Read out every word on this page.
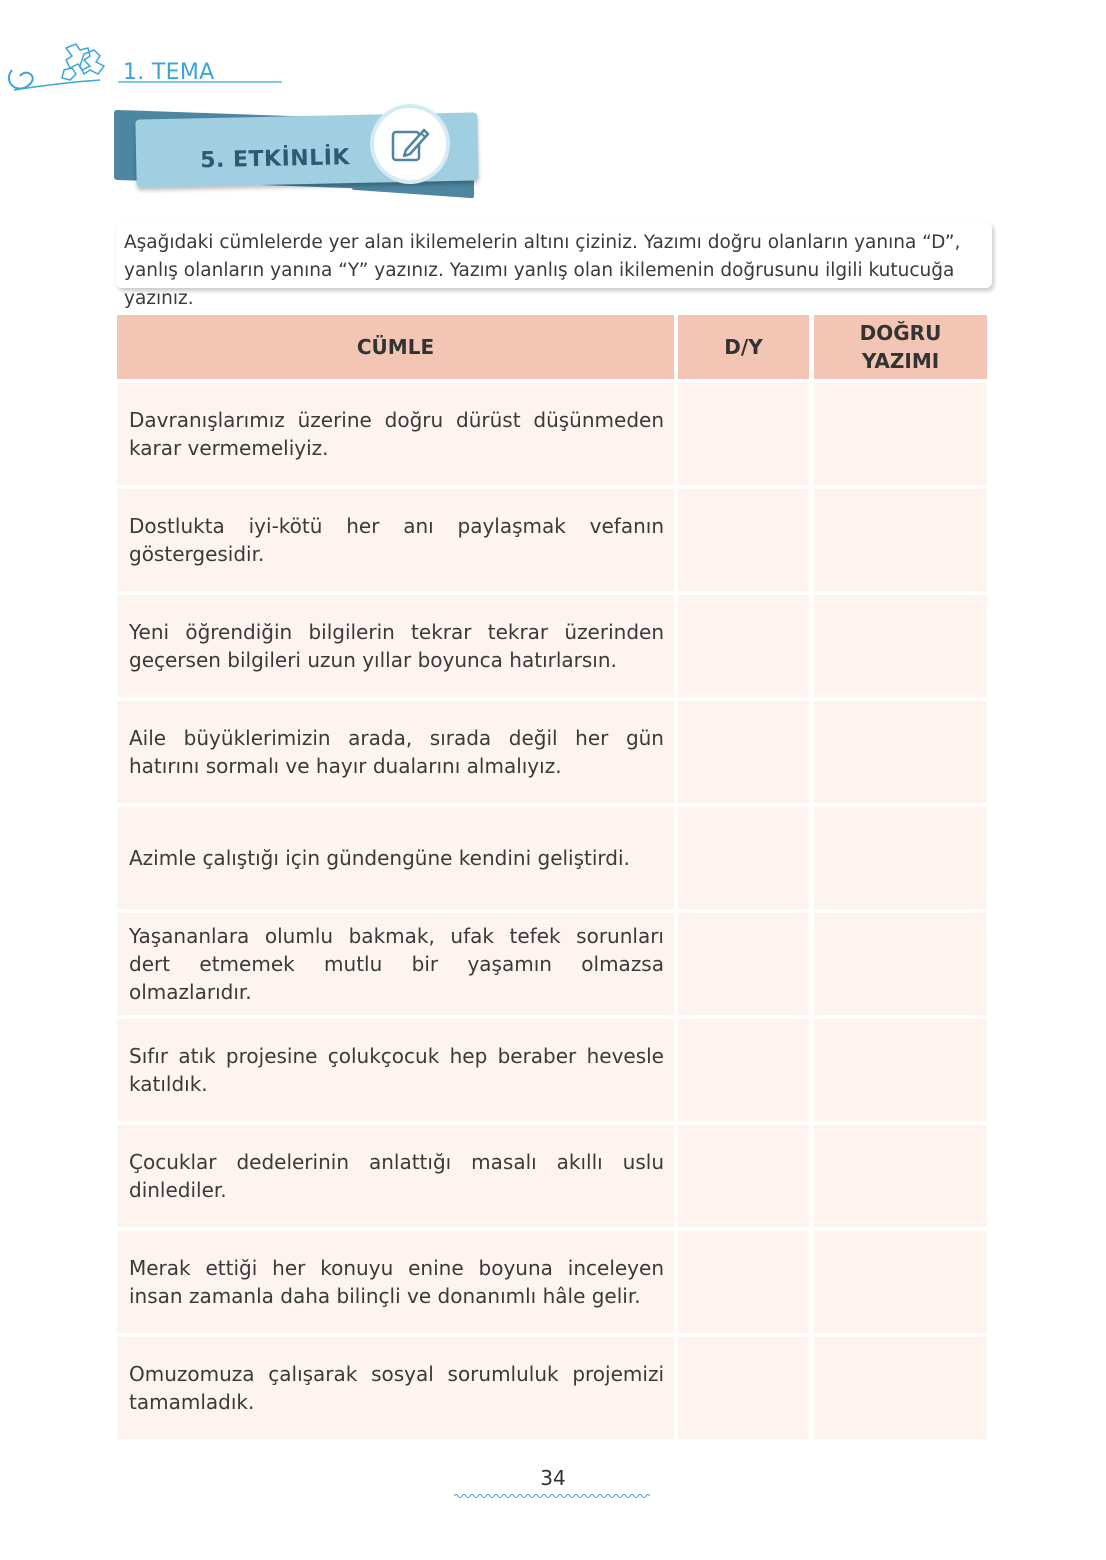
1. TEMA
5. ETKİNLİK
Aşağıdaki cümlelerde yer alan ikilemelerin altını çiziniz. Yazımı doğru olanların yanına “D”, yanlış olanların yanına “Y” yazınız. Yazımı yanlış olan ikilemenin doğrusunu ilgili kutucuğa yazınız.
CÜMLE	D/Y
DOĞRU YAZIMI
Davranışlarımız üzerine doğru dürüst düşünmeden karar vermemeliyiz.
Dostlukta iyi-kötü her anı paylaşmak vefanın göstergesidir.
Yeni öğrendiğin bilgilerin tekrar tekrar üzerinden geçersen bilgileri uzun yıllar boyunca hatırlarsın.
Aile büyüklerimizin arada, sırada değil her gün hatırını sormalı ve hayır dualarını almalıyız.
Azimle çalıştığı için gündengüne kendini geliştirdi.
Yaşananlara olumlu bakmak, ufak tefek sorunları dert etmemek mutlu bir yaşamın olmazsa olmazlarıdır.
Sıfır atık projesine çolukçocuk hep beraber hevesle katıldık.
Çocuklar dedelerinin anlattığı masalı akıllı uslu dinlediler.
Merak ettiği her konuyu enine boyuna inceleyen insan zamanla daha bilinçli ve donanımlı hâle gelir.
Omuzomuza çalışarak sosyal sorumluluk projemizi tamamladık.
34
